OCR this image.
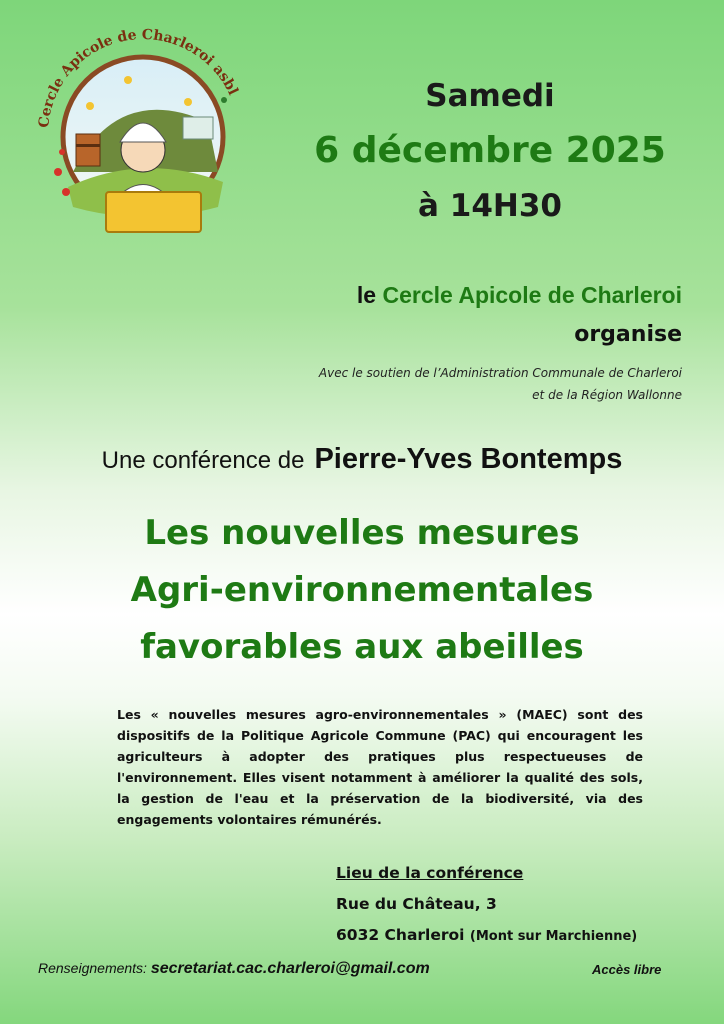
Cercle Apicole de Charleroi asbl	Samedi
6 décembre 2025
à 14H30
le Cercle Apicole de Charleroi
organise
Avec le soutien de l’Administration Communale de Charleroi
et de la Région Wallonne
Une conférence de Pierre-Yves Bontemps
Les nouvelles mesures
Agri-environnementales
favorables aux abeilles
Les « nouvelles mesures agro-environnementales » (MAEC) sont des dispositifs de la Politique Agricole Commune (PAC) qui encouragent les agriculteurs à adopter des pratiques plus respectueuses de l'environnement. Elles visent notamment à améliorer la qualité des sols, la gestion de l'eau et la préservation de la biodiversité, via des engagements volontaires rémunérés.
Lieu de la conférence
Rue du Château, 3
6032 Charleroi (Mont sur Marchienne)
Renseignements: secretariat.cac.charleroi@gmail.com	Accès libre
